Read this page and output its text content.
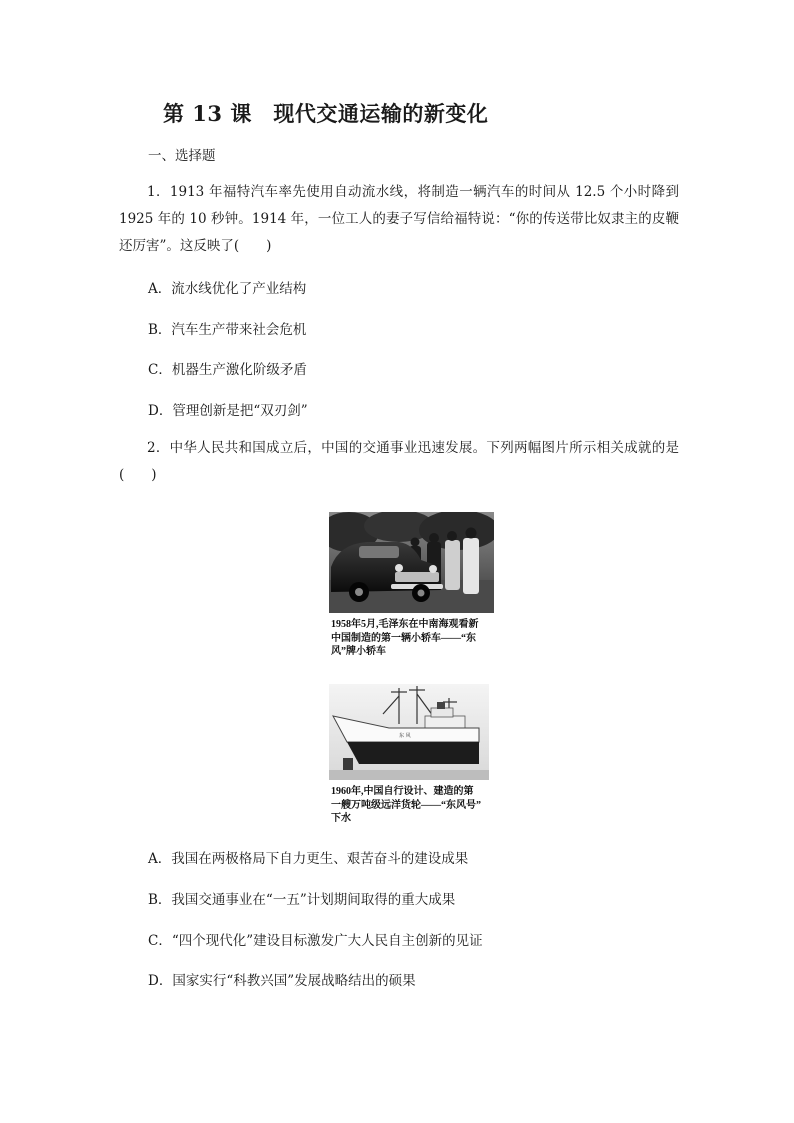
第 13 课　现代交通运输的新变化
一、选择题
1．1913 年福特汽车率先使用自动流水线，将制造一辆汽车的时间从 12.5 个小时降到 1925 年的 10 秒钟。1914 年，一位工人的妻子写信给福特说：“你的传送带比奴隶主的皮鞭还厉害”。这反映了(　　)
A．流水线优化了产业结构
B．汽车生产带来社会危机
C．机器生产激化阶级矛盾
D．管理创新是把“双刃剑”
2．中华人民共和国成立后，中国的交通事业迅速发展。下列两幅图片所示相关成就的是(　　)
1958年5月,毛泽东在中南海观看新
中国制造的第一辆小轿车——“东
风”牌小轿车
东 风
1960年,中国自行设计、建造的第
一艘万吨级远洋货轮——“东风号”
下水
A．我国在两极格局下自力更生、艰苦奋斗的建设成果
B．我国交通事业在“一五”计划期间取得的重大成果
C．“四个现代化”建设目标激发广大人民自主创新的见证
D．国家实行“科教兴国”发展战略结出的硕果
